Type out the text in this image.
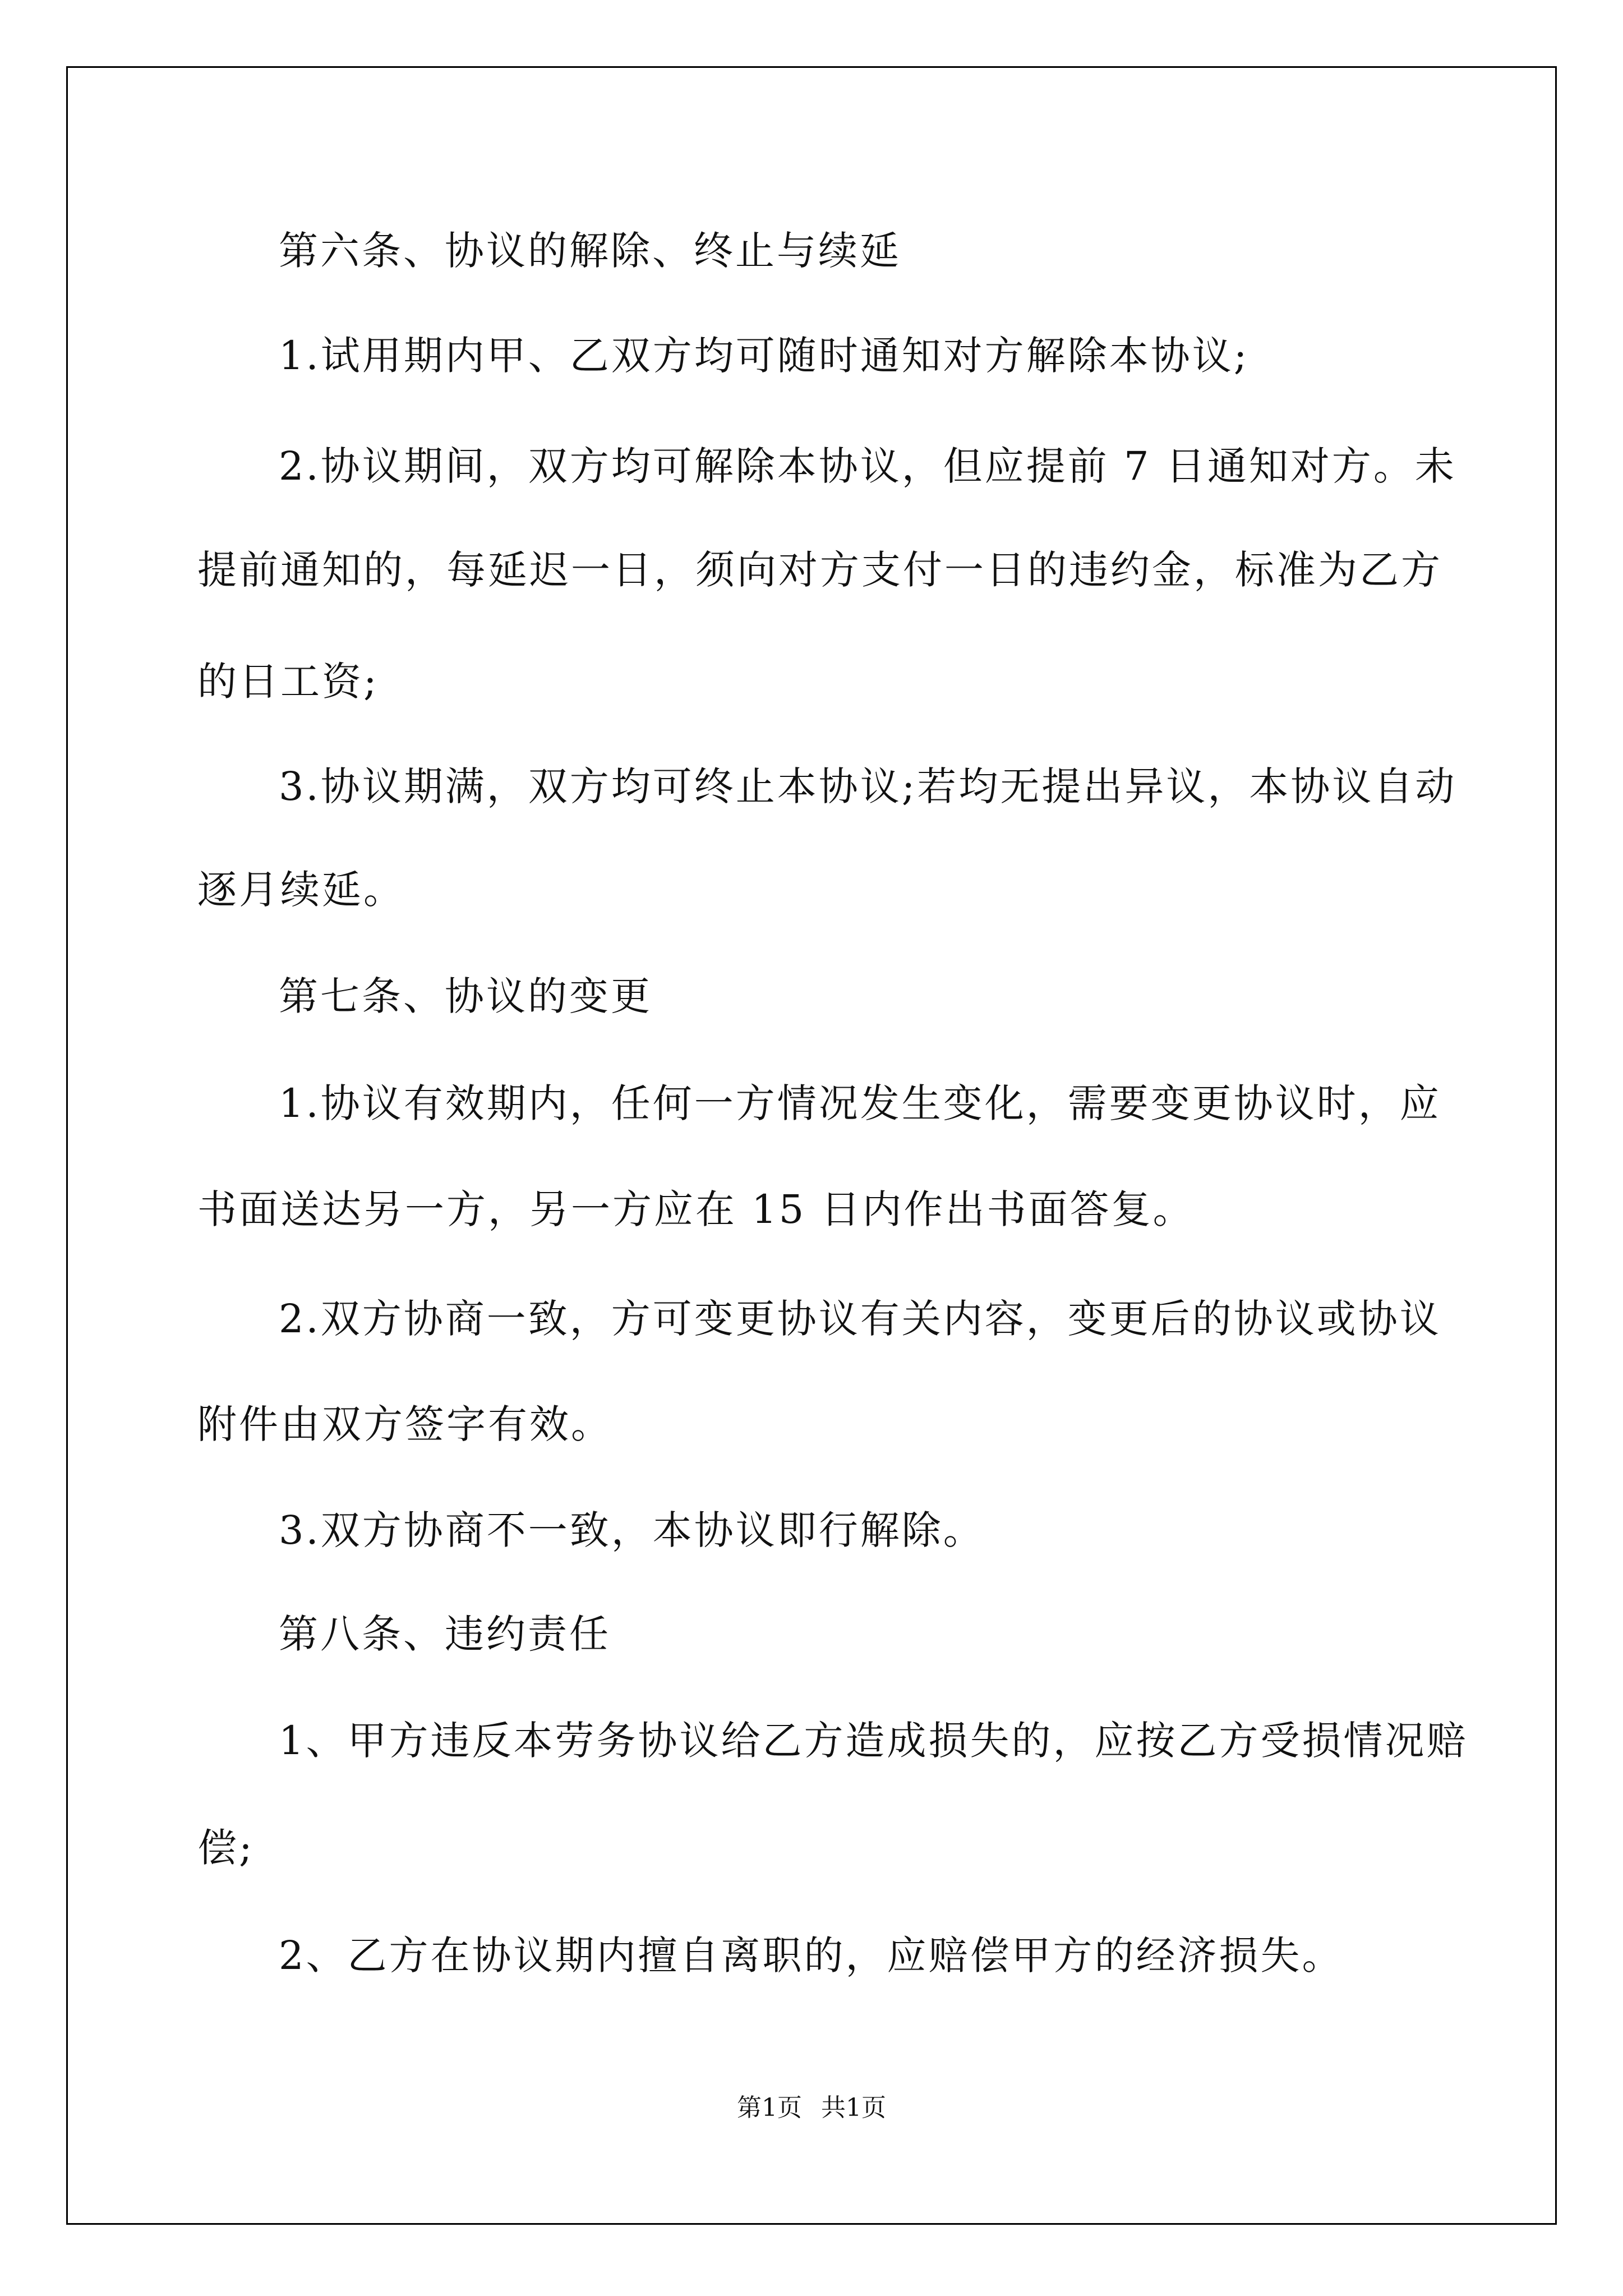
第六条、协议的解除、终止与续延
1.试用期内甲、乙双方均可随时通知对方解除本协议;
2.协议期间，双方均可解除本协议，但应提前 7 日通知对方。未
提前通知的，每延迟一日，须向对方支付一日的违约金，标准为乙方
的日工资;
3.协议期满，双方均可终止本协议;若均无提出异议，本协议自动
逐月续延。
第七条、协议的变更
1.协议有效期内，任何一方情况发生变化，需要变更协议时，应
书面送达另一方，另一方应在 15 日内作出书面答复。
2.双方协商一致，方可变更协议有关内容，变更后的协议或协议
附件由双方签字有效。
3.双方协商不一致，本协议即行解除。
第八条、违约责任
1、甲方违反本劳务协议给乙方造成损失的，应按乙方受损情况赔
偿;
2、乙方在协议期内擅自离职的，应赔偿甲方的经济损失。
第1页 共1页
